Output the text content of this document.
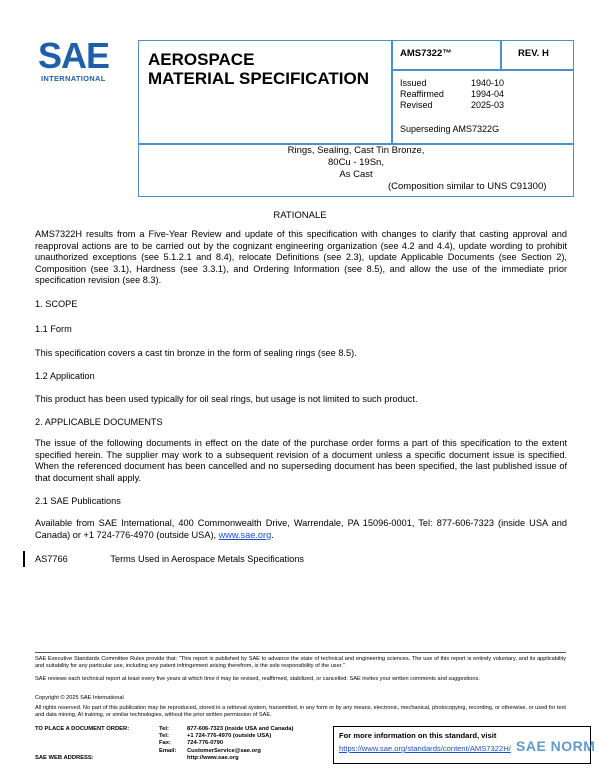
SAE
INTERNATIONAL
AEROSPACE
MATERIAL SPECIFICATION
AMS7322™	REV. H
Issued	1940-10
Reaffirmed	1994-04
Revised	2025-03
Superseding AMS7322G
Rings, Sealing, Cast Tin Bronze,
80Cu - 19Sn,
As Cast
(Composition similar to UNS C91300)
RATIONALE
AMS7322H results from a Five-Year Review and update of this specification with changes to clarify that casting approval and reapproval actions are to be carried out by the cognizant engineering organization (see 4.2 and 4.4), update wording to prohibit unauthorized exceptions (see 5.1.2.1 and 8.4), relocate Definitions (see 2.3), update Applicable Documents (see Section 2), Composition (see 3.1), Hardness (see 3.3.1), and Ordering Information (see 8.5), and allow the use of the immediate prior specification revision (see 8.3).
1. SCOPE
1.1 Form
This specification covers a cast tin bronze in the form of sealing rings (see 8.5).
1.2 Application
This product has been used typically for oil seal rings, but usage is not limited to such product.
2. APPLICABLE DOCUMENTS
The issue of the following documents in effect on the date of the purchase order forms a part of this specification to the extent specified herein. The supplier may work to a subsequent revision of a document unless a specific document issue is specified. When the referenced document has been cancelled and no superseding document has been specified, the last published issue of that document shall apply.
2.1 SAE Publications
Available from SAE International, 400 Commonwealth Drive, Warrendale, PA 15096-0001, Tel: 877-606-7323 (inside USA and Canada) or +1 724-776-4970 (outside USA), www.sae.org.
AS7766	Terms Used in Aerospace Metals Specifications
SAE Executive Standards Committee Rules provide that: “This report is published by SAE to advance the state of technical and engineering sciences. The use of this report is entirely voluntary, and its applicability and suitability for any particular use, including any patent infringement arising therefrom, is the sole responsibility of the user.”
SAE reviews each technical report at least every five years at which time it may be revised, reaffirmed, stabilized, or cancelled. SAE invites your written comments and suggestions.
Copyright © 2025 SAE International
All rights reserved. No part of this publication may be reproduced, stored in a retrieval system, transmitted, in any form or by any means, electronic, mechanical, photocopying, recording, or otherwise, or used for text and data mining, AI training, or similar technologies, without the prior written permission of SAE.
TO PLACE A DOCUMENT ORDER:	Tel:	877-606-7323 (inside USA and Canada)
Tel:	+1 724-776-4970 (outside USA)
Fax:	724-776-0790
Email:	CustomerService@sae.org
SAE WEB ADDRESS:	http://www.sae.org
For more information on this standard, visit
https://www.sae.org/standards/content/AMS7322H/ SAE NORM
